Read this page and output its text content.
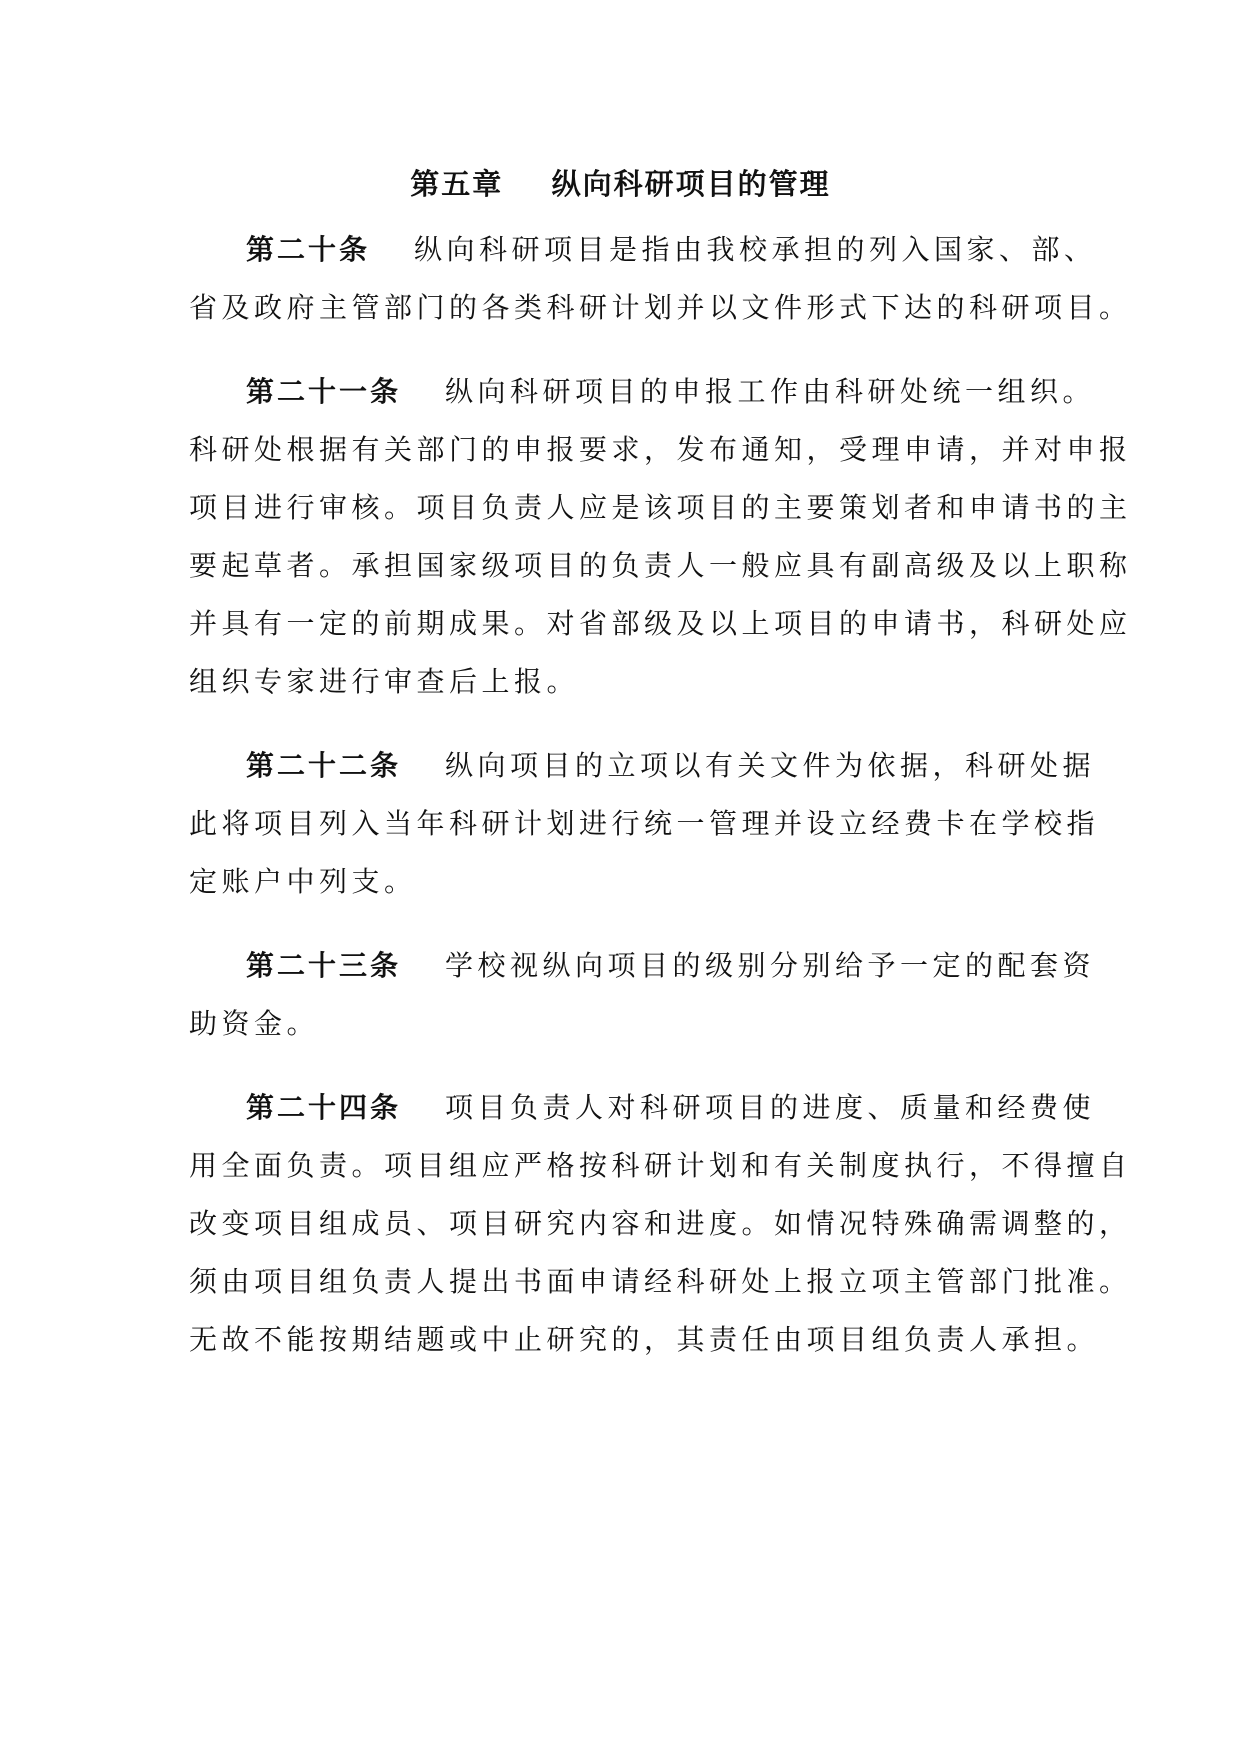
第五章    纵向科研项目的管理
第二十条 纵向科研项目是指由我校承担的列入国家、部、
省及政府主管部门的各类科研计划并以文件形式下达的科研项目。
第二十一条 纵向科研项目的申报工作由科研处统一组织。
科研处根据有关部门的申报要求，发布通知，受理申请，并对申报
项目进行审核。项目负责人应是该项目的主要策划者和申请书的主
要起草者。承担国家级项目的负责人一般应具有副高级及以上职称
并具有一定的前期成果。对省部级及以上项目的申请书，科研处应
组织专家进行审查后上报。
第二十二条 纵向项目的立项以有关文件为依据，科研处据
此将项目列入当年科研计划进行统一管理并设立经费卡在学校指
定账户中列支。
第二十三条 学校视纵向项目的级别分别给予一定的配套资
助资金。
第二十四条 项目负责人对科研项目的进度、质量和经费使
用全面负责。项目组应严格按科研计划和有关制度执行，不得擅自
改变项目组成员、项目研究内容和进度。如情况特殊确需调整的，
须由项目组负责人提出书面申请经科研处上报立项主管部门批准。
无故不能按期结题或中止研究的，其责任由项目组负责人承担。
